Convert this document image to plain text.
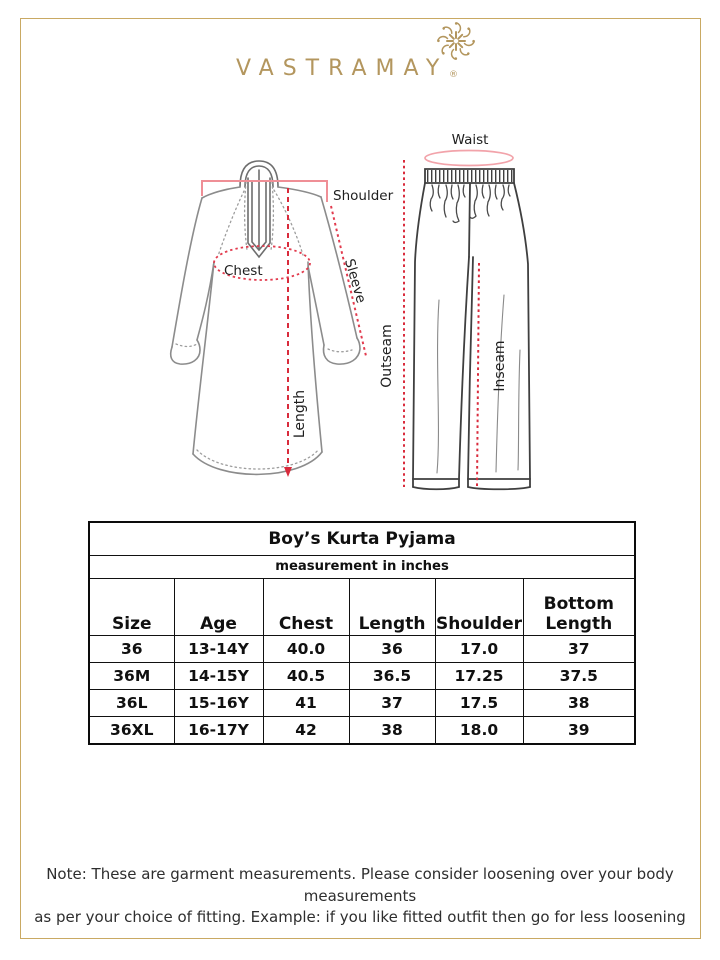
VASTRAMAY ®
Waist
Shoulder
Chest	Sleeve
Length
Outseam	Inseam
Boy’s Kurta Pyjama					
measurement in inches					
Size	Age	Chest	Length	Shoulder	Bottom Length
36	13-14Y	40.0	36	17.0	37
36M	14-15Y	40.5	36.5	17.25	37.5
36L	15-16Y	41	37	17.5	38
36XL	16-17Y	42	38	18.0	39
Note: These are garment measurements. Please consider loosening over your body measurements
as per your choice of fitting. Example: if you like fitted outfit then go for less loosening
